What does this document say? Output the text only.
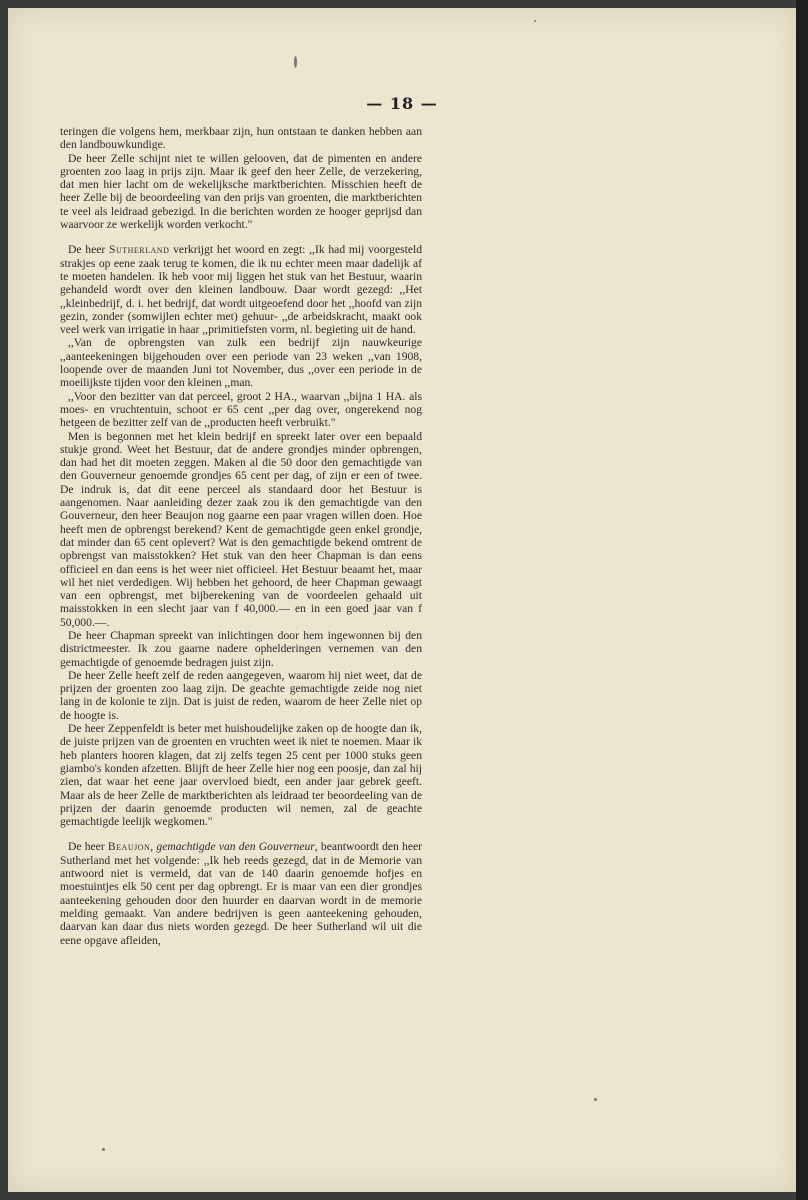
— 18 —

teringen die volgens hem, merkbaar zijn, hun ontstaan te danken hebben aan den landbouwkundige.

De heer Zelle schijnt niet te willen gelooven, dat de pimenten en andere groenten zoo laag in prijs zijn. Maar ik geef den heer Zelle, de verzekering, dat men hier lacht om de wekelijksche marktberichten. Misschien heeft de heer Zelle bij de beoordeeling van den prijs van groenten, die marktberichten te veel als leidraad gebezigd. In die berichten worden ze hooger geprijsd dan waarvoor ze werkelijk worden verkocht."

De heer Sutherland verkrijgt het woord en zegt: ,,Ik had mij voorgesteld strakjes op eene zaak terug te komen, die ik nu echter meen maar dadelijk af te moeten handelen. Ik heb voor mij liggen het stuk van het Bestuur, waarin gehandeld wordt over den kleinen landbouw. Daar wordt gezegd: ,,Het ,,kleinbedrijf, d. i. het bedrijf, dat wordt uitgeoefend door het ,,hoofd van zijn gezin, zonder (somwijlen echter met) gehuur- ,,de arbeidskracht, maakt ook veel werk van irrigatie in haar ,,primitiefsten vorm, nl. begieting uit de hand.

,,Van de opbrengsten van zulk een bedrijf zijn nauwkeurige ,,aanteekeningen bijgehouden over een periode van 23 weken ,,van 1908, loopende over de maanden Juni tot November, dus ,,over een periode in de moeilijkste tijden voor den kleinen ,,man.

,,Voor den bezitter van dat perceel, groot 2 HA., waarvan ,,bijna 1 HA. als moes- en vruchtentuin, schoot er 65 cent ,,per dag over, ongerekend nog hetgeen de bezitter zelf van de ,,producten heeft verbruikt."

Men is begonnen met het klein bedrijf en spreekt later over een bepaald stukje grond. Weet het Bestuur, dat de andere grondjes minder opbrengen, dan had het dit moeten zeggen. Maken al die 50 door den gemachtigde van den Gouverneur genoemde grondjes 65 cent per dag, of zijn er een of twee. De indruk is, dat dit eene perceel als standaard door het Bestuur is aangenomen. Naar aanleiding dezer zaak zou ik den gemachtigde van den Gouverneur, den heer Beaujon nog gaarne een paar vragen willen doen. Hoe heeft men de opbrengst berekend? Kent de gemachtigde geen enkel grondje, dat minder dan 65 cent oplevert? Wat is den gemachtigde bekend omtrent de opbrengst van maisstokken? Het stuk van den heer Chapman is dan eens officieel en dan eens is het weer niet officieel. Het Bestuur beaamt het, maar wil het niet verdedigen. Wij hebben het gehoord, de heer Chapman gewaagt van een opbrengst, met bijberekening van de voordeelen gehaald uit maisstokken in een slecht jaar van f 40,000.— en in een goed jaar van f 50,000.—.

De heer Chapman spreekt van inlichtingen door hem ingewonnen bij den districtmeester. Ik zou gaarne nadere ophelderingen vernemen van den gemachtigde of genoemde bedragen juist zijn.

De heer Zelle heeft zelf de reden aangegeven, waarom hij niet weet, dat de prijzen der groenten zoo laag zijn. De geachte gemachtigde zeide nog niet lang in de kolonie te zijn. Dat is juist de reden, waarom de heer Zelle niet op de hoogte is.

De heer Zeppenfeldt is beter met huishoudelijke zaken op de hoogte dan ik, de juiste prijzen van de groenten en vruchten weet ik niet te noemen. Maar ik heb planters hooren klagen, dat zij zelfs tegen 25 cent per 1000 stuks geen giambo's konden afzetten. Blijft de heer Zelle hier nog een poosje, dan zal hij zien, dat waar het eene jaar overvloed biedt, een ander jaar gebrek geeft. Maar als de heer Zelle de marktberichten als leidraad ter beoordeeling van de prijzen der daarin genoemde producten wil nemen, zal de geachte gemachtigde leelijk wegkomen."

De heer Beaujon, gemachtigde van den Gouverneur, beantwoordt den heer Sutherland met het volgende: ,,Ik heb reeds gezegd, dat in de Memorie van antwoord niet is vermeld, dat van de 140 daarin genoemde hofjes en moestuintjes elk 50 cent per dag opbrengt. Er is maar van een dier grondjes aanteekening gehouden door den huurder en daarvan wordt in de memorie melding gemaakt. Van andere bedrijven is geen aanteekening gehouden, daarvan kan daar dus niets worden gezegd. De heer Sutherland wil uit die eene opgave afleiden,
